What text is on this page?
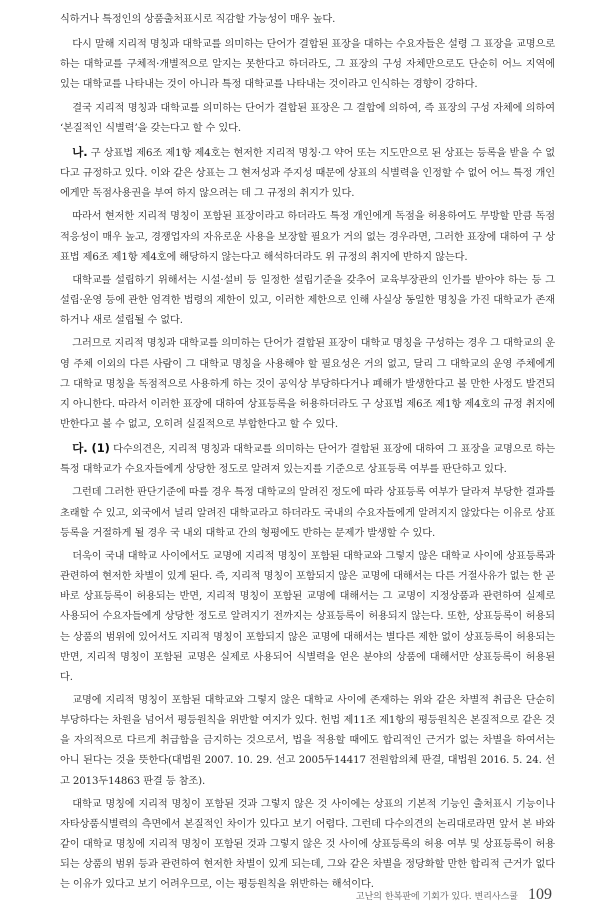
식하거나 특정인의 상품출처표시로 직감할 가능성이 매우 높다.

다시 말해 지리적 명칭과 대학교를 의미하는 단어가 결합된 표장을 대하는 수요자들은 설령 그 표장을 교명으로 하는 대학교를 구체적·개별적으로 알지는 못한다고 하더라도, 그 표장의 구성 자체만으로도 단순히 어느 지역에 있는 대학교를 나타내는 것이 아니라 특정 대학교를 나타내는 것이라고 인식하는 경향이 강하다.

결국 지리적 명칭과 대학교를 의미하는 단어가 결합된 표장은 그 결합에 의하여, 즉 표장의 구성 자체에 의하여 ‘본질적인 식별력’을 갖는다고 할 수 있다.

나. 구 상표법 제6조 제1항 제4호는 현저한 지리적 명칭·그 약어 또는 지도만으로 된 상표는 등록을 받을 수 없다고 규정하고 있다. 이와 같은 상표는 그 현저성과 주지성 때문에 상표의 식별력을 인정할 수 없어 어느 특정 개인에게만 독점사용권을 부여 하지 않으려는 데 그 규정의 취지가 있다.

따라서 현저한 지리적 명칭이 포함된 표장이라고 하더라도 특정 개인에게 독점을 허용하여도 무방할 만큼 독점적응성이 매우 높고, 경쟁업자의 자유로운 사용을 보장할 필요가 거의 없는 경우라면, 그러한 표장에 대하여 구 상표법 제6조 제1항 제4호에 해당하지 않는다고 해석하더라도 위 규정의 취지에 반하지 않는다.

대학교를 설립하기 위해서는 시설·설비 등 일정한 설립기준을 갖추어 교육부장관의 인가를 받아야 하는 등 그 설립·운영 등에 관한 엄격한 법령의 제한이 있고, 이러한 제한으로 인해 사실상 동일한 명칭을 가진 대학교가 존재하거나 새로 설립될 수 없다.

그러므로 지리적 명칭과 대학교를 의미하는 단어가 결합된 표장이 대학교 명칭을 구성하는 경우 그 대학교의 운영 주체 이외의 다른 사람이 그 대학교 명칭을 사용해야 할 필요성은 거의 없고, 달리 그 대학교의 운영 주체에게 그 대학교 명칭을 독점적으로 사용하게 하는 것이 공익상 부당하다거나 폐해가 발생한다고 볼 만한 사정도 발견되지 아니한다. 따라서 이러한 표장에 대하여 상표등록을 허용하더라도 구 상표법 제6조 제1항 제4호의 규정 취지에 반한다고 볼 수 없고, 오히려 실질적으로 부합한다고 할 수 있다.

다. (1) 다수의견은, 지리적 명칭과 대학교를 의미하는 단어가 결합된 표장에 대하여 그 표장을 교명으로 하는 특정 대학교가 수요자들에게 상당한 정도로 알려져 있는지를 기준으로 상표등록 여부를 판단하고 있다.

그런데 그러한 판단기준에 따를 경우 특정 대학교의 알려진 정도에 따라 상표등록 여부가 달라져 부당한 결과를 초래할 수 있고, 외국에서 널리 알려진 대학교라고 하더라도 국내의 수요자들에게 알려지지 않았다는 이유로 상표등록을 거절하게 될 경우 국 내외 대학교 간의 형평에도 반하는 문제가 발생할 수 있다.

더욱이 국내 대학교 사이에서도 교명에 지리적 명칭이 포함된 대학교와 그렇지 않은 대학교 사이에 상표등록과 관련하여 현저한 차별이 있게 된다. 즉, 지리적 명칭이 포함되지 않은 교명에 대해서는 다른 거절사유가 없는 한 곧바로 상표등록이 허용되는 반면, 지리적 명칭이 포함된 교명에 대해서는 그 교명이 지정상품과 관련하여 실제로 사용되어 수요자들에게 상당한 정도로 알려지기 전까지는 상표등록이 허용되지 않는다. 또한, 상표등록이 허용되는 상품의 범위에 있어서도 지리적 명칭이 포함되지 않은 교명에 대해서는 별다른 제한 없이 상표등록이 허용되는 반면, 지리적 명칭이 포함된 교명은 실제로 사용되어 식별력을 얻은 분야의 상품에 대해서만 상표등록이 허용된다.

교명에 지리적 명칭이 포함된 대학교와 그렇지 않은 대학교 사이에 존재하는 위와 같은 차별적 취급은 단순히 부당하다는 차원을 넘어서 평등원칙을 위반할 여지가 있다. 헌법 제11조 제1항의 평등원칙은 본질적으로 같은 것을 자의적으로 다르게 취급함을 금지하는 것으로서, 법을 적용할 때에도 합리적인 근거가 없는 차별을 하여서는 아니 된다는 것을 뜻한다(대법원 2007. 10. 29. 선고 2005두14417 전원합의체 판결, 대법원 2016. 5. 24. 선고 2013두14863 판결 등 참조).

대학교 명칭에 지리적 명칭이 포함된 것과 그렇지 않은 것 사이에는 상표의 기본적 기능인 출처표시 기능이나 자타상품식별력의 측면에서 본질적인 차이가 있다고 보기 어렵다. 그런데 다수의견의 논리대로라면 앞서 본 바와 같이 대학교 명칭에 지리적 명칭이 포함된 것과 그렇지 않은 것 사이에 상표등록의 허용 여부 및 상표등록이 허용되는 상품의 범위 등과 관련하여 현저한 차별이 있게 되는데, 그와 같은 차별을 정당화할 만한 합리적 근거가 없다는 이유가 있다고 보기 어려우므로, 이는 평등원칙을 위반하는 해석이다.

고난의 한복판에 기회가 있다. 변리사스쿨 109
